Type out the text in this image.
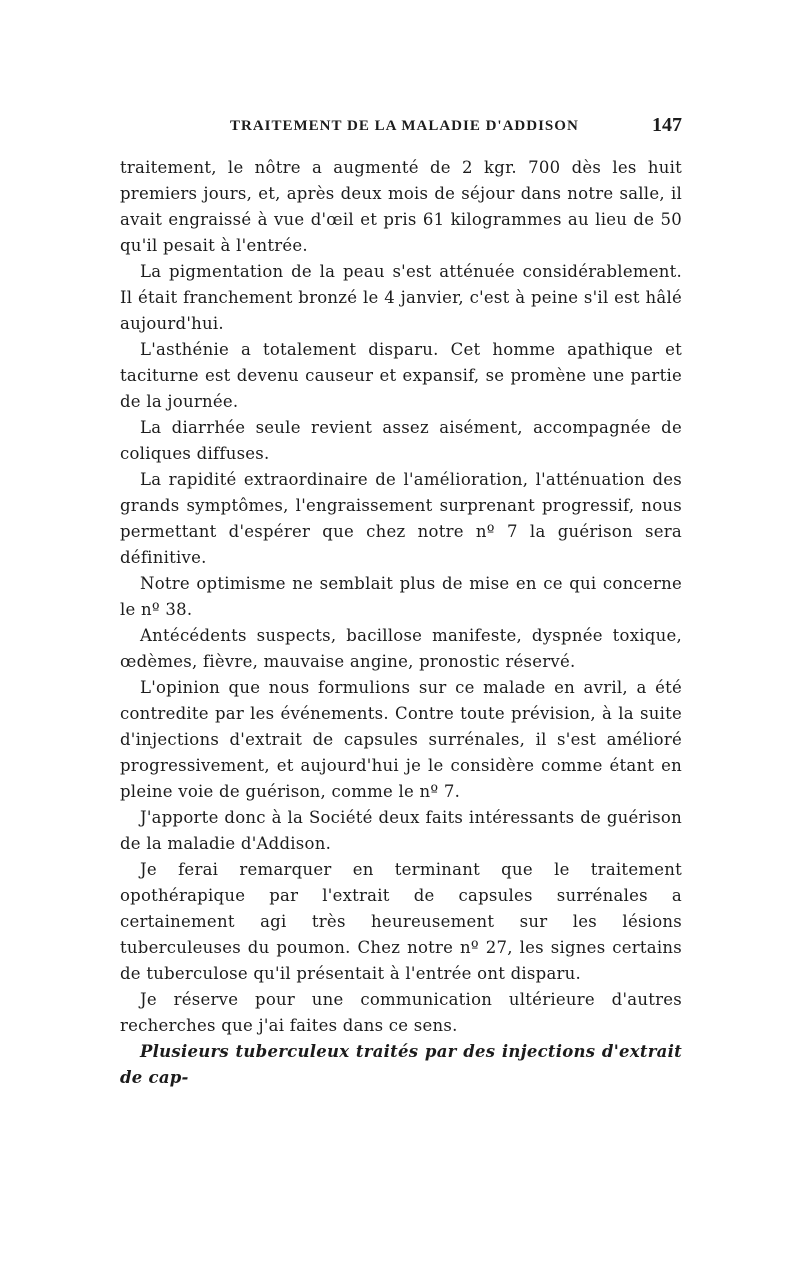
TRAITEMENT DE LA MALADIE D'ADDISON	147

traitement, le nôtre a augmenté de 2 kgr. 700 dès les huit premiers jours, et, après deux mois de séjour dans notre salle, il avait engraissé à vue d'œil et pris 61 kilogrammes au lieu de 50 qu'il pesait à l'entrée.

La pigmentation de la peau s'est atténuée considérablement. Il était franchement bronzé le 4 janvier, c'est à peine s'il est hâlé aujourd'hui.

L'asthénie a totalement disparu. Cet homme apathique et taciturne est devenu causeur et expansif, se promène une partie de la journée.

La diarrhée seule revient assez aisément, accompagnée de coliques diffuses.

La rapidité extraordinaire de l'amélioration, l'atténuation des grands symptômes, l'engraissement surprenant progressif, nous permettant d'espérer que chez notre nº 7 la guérison sera définitive.

Notre optimisme ne semblait plus de mise en ce qui concerne le nº 38.

Antécédents suspects, bacillose manifeste, dyspnée toxique, œdèmes, fièvre, mauvaise angine, pronostic réservé.

L'opinion que nous formulions sur ce malade en avril, a été contredite par les événements. Contre toute prévision, à la suite d'injections d'extrait de capsules surrénales, il s'est amélioré progressivement, et aujourd'hui je le considère comme étant en pleine voie de guérison, comme le nº 7.

J'apporte donc à la Société deux faits intéressants de guérison de la maladie d'Addison.

Je ferai remarquer en terminant que le traitement opothérapique par l'extrait de capsules surrénales a certainement agi très heureusement sur les lésions tuberculeuses du poumon. Chez notre nº 27, les signes certains de tuberculose qu'il présentait à l'entrée ont disparu.

Je réserve pour une communication ultérieure d'autres recherches que j'ai faites dans ce sens.

Plusieurs tuberculeux traités par des injections d'extrait de cap-
